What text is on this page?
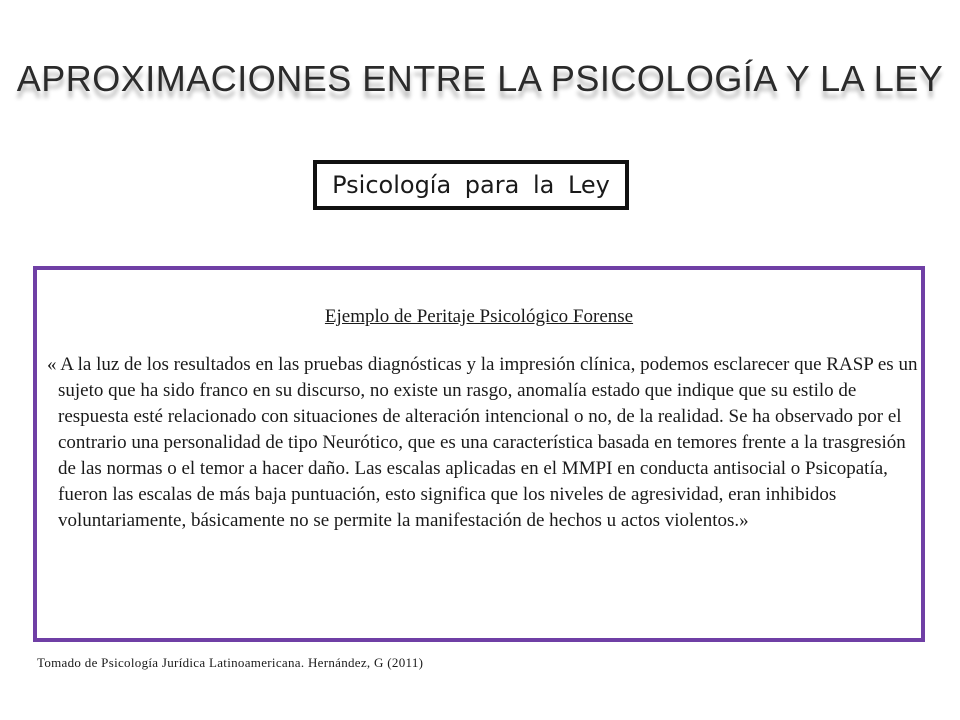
APROXIMACIONES ENTRE LA PSICOLOGÍA Y LA LEY
Psicología para la Ley

Ejemplo de Peritaje Psicológico Forense

« A la luz de los resultados en las pruebas diagnósticas y la impresión clínica, podemos esclarecer que RASP es un sujeto que ha sido franco en su discurso, no existe un rasgo, anomalía estado que indique que su estilo de respuesta esté relacionado con situaciones de alteración intencional o no, de la realidad. Se ha observado por el contrario una personalidad de tipo Neurótico, que es una característica basada en temores frente a la trasgresión de las normas o el temor a hacer daño. Las escalas aplicadas en el MMPI en conducta antisocial o Psicopatía, fueron las escalas de más baja puntuación, esto significa que los niveles de agresividad, eran inhibidos voluntariamente, básicamente no se permite la manifestación de hechos u actos violentos.»

Tomado de Psicología Jurídica Latinoamericana. Hernández, G (2011)
